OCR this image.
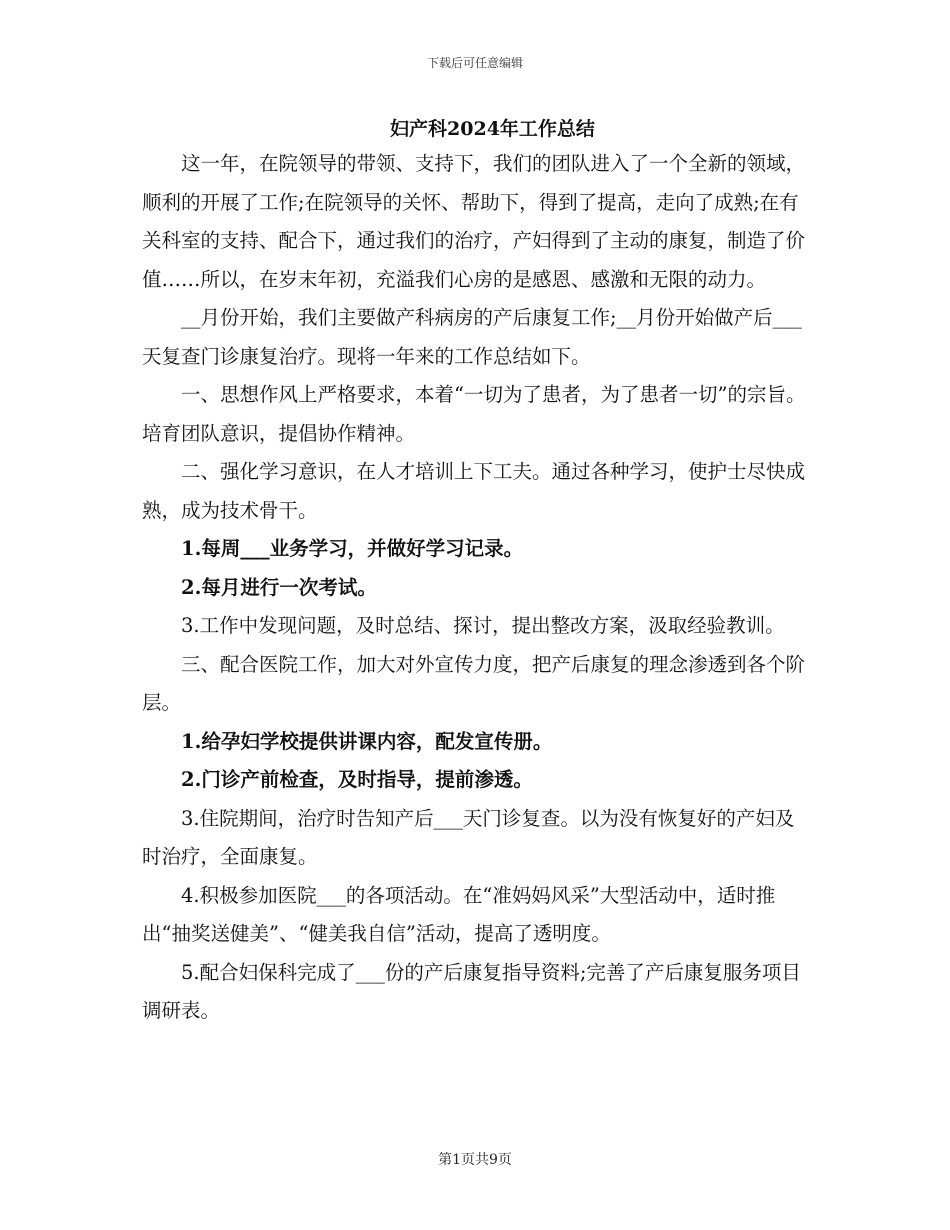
下载后可任意编辑
妇产科2024年工作总结

这一年，在院领导的带领、支持下，我们的团队进入了一个全新的领域，顺利的开展了工作;在院领导的关怀、帮助下，得到了提高，走向了成熟;在有关科室的支持、配合下，通过我们的治疗，产妇得到了主动的康复，制造了价值……所以，在岁末年初，充溢我们心房的是感恩、感激和无限的动力。

__月份开始，我们主要做产科病房的产后康复工作;__月份开始做产后___天复查门诊康复治疗。现将一年来的工作总结如下。

一、思想作风上严格要求，本着“一切为了患者，为了患者一切”的宗旨。培育团队意识，提倡协作精神。

二、强化学习意识，在人才培训上下工夫。通过各种学习，使护士尽快成熟，成为技术骨干。

1.每周___业务学习，并做好学习记录。

2.每月进行一次考试。

3.工作中发现问题，及时总结、探讨，提出整改方案，汲取经验教训。

三、配合医院工作，加大对外宣传力度，把产后康复的理念渗透到各个阶层。

1.给孕妇学校提供讲课内容，配发宣传册。

2.门诊产前检查，及时指导，提前渗透。

3.住院期间，治疗时告知产后___天门诊复查。以为没有恢复好的产妇及时治疗，全面康复。

4.积极参加医院___的各项活动。在“准妈妈风采”大型活动中，适时推出“抽奖送健美”、“健美我自信”活动，提高了透明度。

5.配合妇保科完成了___份的产后康复指导资料;完善了产后康复服务项目调研表。

第1页共9页
